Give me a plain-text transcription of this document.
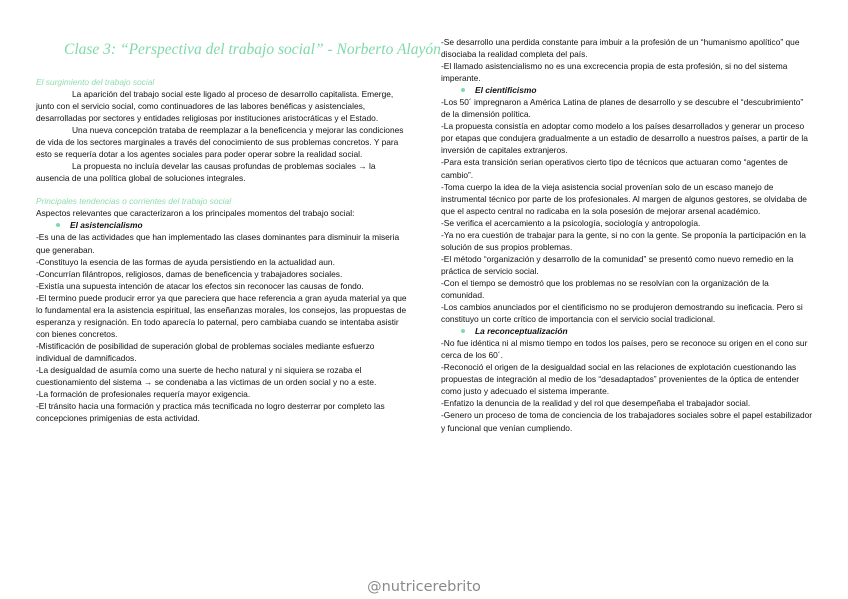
Clase 3: “Perspectiva del trabajo social” - Norberto Alayón
El surgimiento del trabajo social

La aparición del trabajo social este ligado al proceso de desarrollo capitalista. Emerge, junto con el servicio social, como continuadores de las labores benéficas y asistenciales, desarrolladas por sectores y entidades religiosas por instituciones aristocráticas y el Estado.

Una nueva concepción trataba de reemplazar a la beneficencia y mejorar las condiciones de vida de los sectores marginales a través del conocimiento de sus problemas concretos. Y para esto se requería dotar a los agentes sociales para poder operar sobre la realidad social.

La propuesta no incluía develar las causas profundas de problemas sociales → la ausencia de una política global de soluciones integrales.

Principales tendencias o corrientes del trabajo social

Aspectos relevantes que caracterizaron a los principales momentos del trabajo social:

El asistencialismo

-Es una de las actividades que han implementado las clases dominantes para disminuir la miseria que generaban.

-Constituyo la esencia de las formas de ayuda persistiendo en la actualidad aun.

-Concurrían filántropos, religiosos, damas de beneficencia y trabajadores sociales.

-Existía una supuesta intención de atacar los efectos sin reconocer las causas de fondo.

-El termino puede producir error ya que pareciera que hace referencia a gran ayuda material ya que lo fundamental era la asistencia espiritual, las enseñanzas morales, los consejos, las propuestas de esperanza y resignación. En todo aparecía lo paternal, pero cambiaba cuando se intentaba asistir con bienes concretos.

-Mistificación de posibilidad de superación global de problemas sociales mediante esfuerzo individual de damnificados.

-La desigualdad de asumía como una suerte de hecho natural y ni siquiera se rozaba el cuestionamiento del sistema → se condenaba a las victimas de un orden social y no a este.

-La formación de profesionales requería mayor exigencia.

-El tránsito hacia una formación y practica más tecnificada no logro desterrar por completo las concepciones primigenias de esta actividad.

-Se desarrollo una perdida constante para imbuir a la profesión de un “humanismo apolítico” que disociaba la realidad completa del país.

-El llamado asistencialismo no es una excrecencia propia de esta profesión, si no del sistema imperante.

El cientificismo

-Los 50´ impregnaron a América Latina de planes de desarrollo y se descubre el “descubrimiento” de la dimensión política.

-La propuesta consistía en adoptar como modelo a los países desarrollados y generar un proceso por etapas que condujera gradualmente a un estadio de desarrollo a nuestros países, a partir de la inversión de capitales extranjeros.

-Para esta transición serian operativos cierto tipo de técnicos que actuaran como “agentes de cambio”.

-Toma cuerpo la idea de la vieja asistencia social provenían solo de un escaso manejo de instrumental técnico por parte de los profesionales. Al margen de algunos gestores, se olvidaba de que el aspecto central no radicaba en la sola posesión de mejorar arsenal académico.

-Se verifica el acercamiento a la psicología, sociología y antropología.

-Ya no era cuestión de trabajar para la gente, si no con la gente. Se proponía la participación en la solución de sus propios problemas.

-El método “organización y desarrollo de la comunidad” se presentó como nuevo remedio en la práctica de servicio social.

-Con el tiempo se demostró que los problemas no se resolvían con la organización de la comunidad.

-Los cambios anunciados por el cientificismo no se produjeron demostrando su ineficacia. Pero si constituyo un corte crítico de importancia con el servicio social tradicional.

La reconceptualización

-No fue idéntica ni al mismo tiempo en todos los países, pero se reconoce su origen en el cono sur cerca de los 60´.

-Reconoció el origen de la desigualdad social en las relaciones de explotación cuestionando las propuestas de integración al medio de los “desadaptados” provenientes de la óptica de entender como justo y adecuado el sistema imperante.

-Enfatizo la denuncia de la realidad y del rol que desempeñaba el trabajador social.

-Genero un proceso de toma de conciencia de los trabajadores sociales sobre el papel estabilizador y funcional que venían cumpliendo.

@nutricerebrito
